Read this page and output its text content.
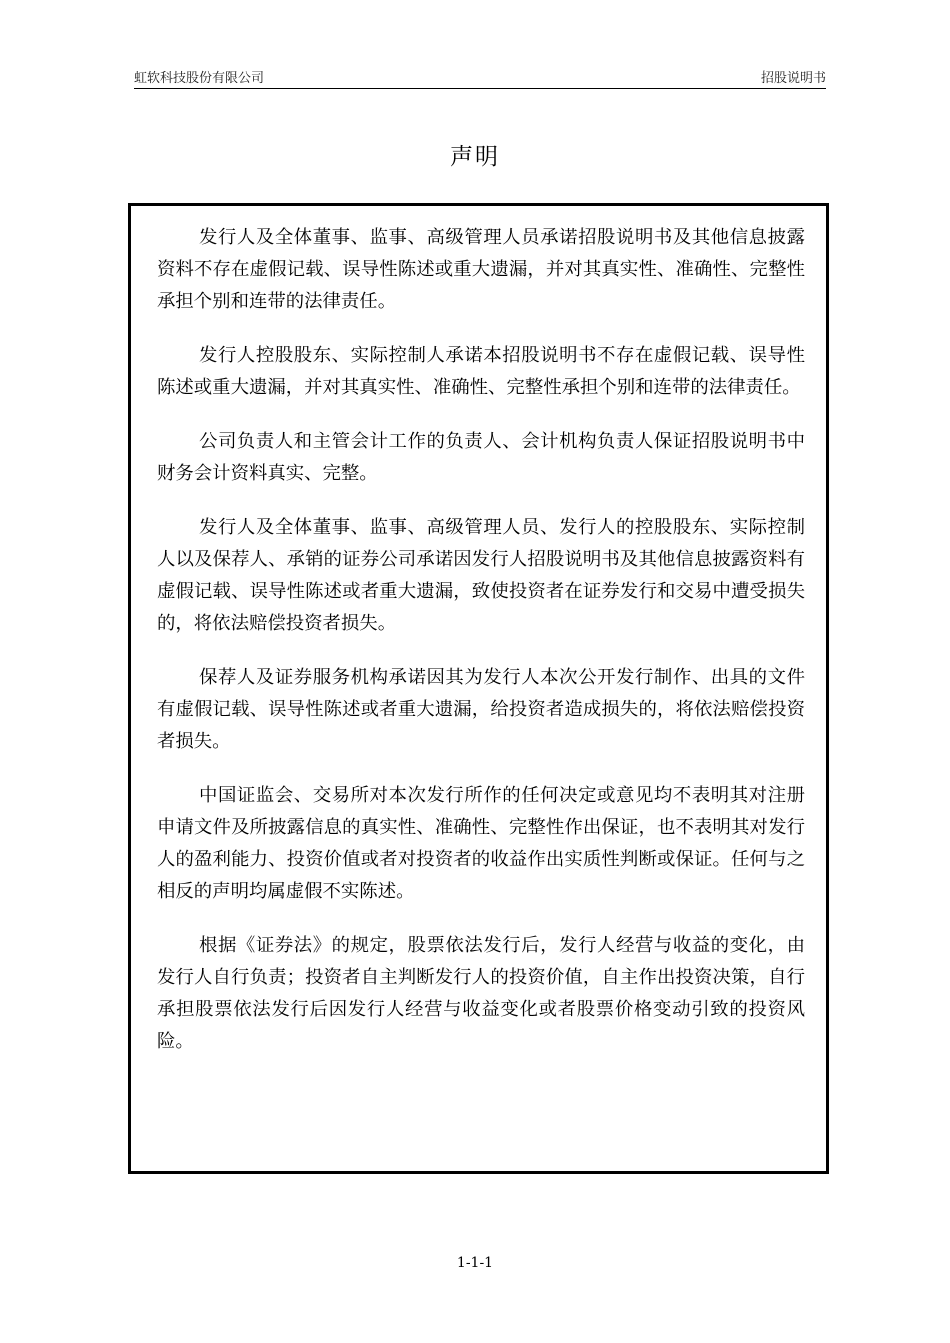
虹软科技股份有限公司	招股说明书
声明

发行人及全体董事、监事、高级管理人员承诺招股说明书及其他信息披露资料不存在虚假记载、误导性陈述或重大遗漏，并对其真实性、准确性、完整性承担个别和连带的法律责任。

发行人控股股东、实际控制人承诺本招股说明书不存在虚假记载、误导性 陈述或重大遗漏，并对其真实性、准确性、完整性承担个别和连带的法律责任。

公司负责人和主管会计工作的负责人、会计机构负责人保证招股说明书中财务会计资料真实、完整。

发行人及全体董事、监事、高级管理人员、发行人的控股股东、实际控制人以及保荐人、承销的证券公司承诺因发行人招股说明书及其他信息披露资料有虚假记载、误导性陈述或者重大遗漏，致使投资者在证券发行和交易中遭受损失的，将依法赔偿投资者损失。

保荐人及证券服务机构承诺因其为发行人本次公开发行制作、出具的文件有虚假记载、误导性陈述或者重大遗漏，给投资者造成损失的，将依法赔偿投资者损失。

中国证监会、交易所对本次发行所作的任何决定或意见均不表明其对注册申请文件及所披露信息的真实性、准确性、完整性作出保证，也不表明其对发行人的盈利能力、投资价值或者对投资者的收益作出实质性判断或保证。任何与之相反的声明均属虚假不实陈述。

根据《证券法》的规定，股票依法发行后，发行人经营与收益的变化，由发行人自行负责；投资者自主判断发行人的投资价值，自主作出投资决策，自行承担股票依法发行后因发行人经营与收益变化或者股票价格变动引致的投资风险。

1-1-1
